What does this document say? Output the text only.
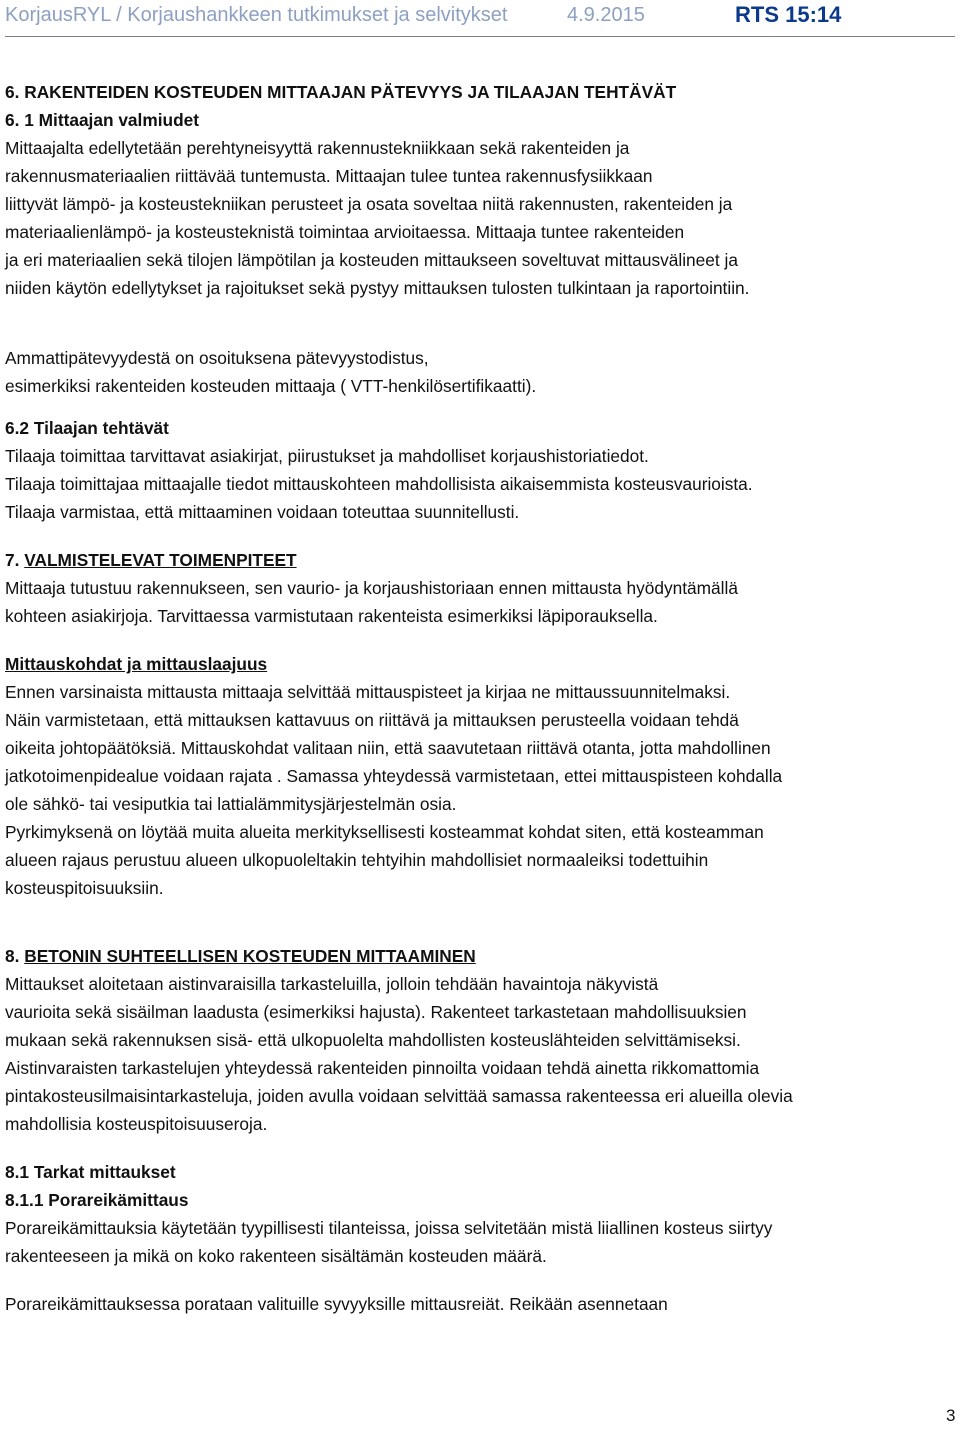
KorjausRYL / Korjaushankkeen tutkimukset ja selvitykset	4.9.2015	RTS 15:14

6. RAKENTEIDEN KOSTEUDEN MITTAAJAN PÄTEVYYS JA TILAAJAN TEHTÄVÄT

6. 1 Mittaajan valmiudet

Mittaajalta edellytetään perehtyneisyyttä rakennustekniikkaan sekä rakenteiden ja

rakennusmateriaalien riittävää tuntemusta. Mittaajan tulee tuntea rakennusfysiikkaan

liittyvät lämpö- ja kosteustekniikan perusteet ja osata soveltaa niitä rakennusten, rakenteiden ja

materiaalienlämpö- ja kosteusteknistä toimintaa arvioitaessa. Mittaaja tuntee rakenteiden

ja eri materiaalien sekä tilojen lämpötilan ja kosteuden mittaukseen soveltuvat mittausvälineet ja

niiden käytön edellytykset ja rajoitukset sekä pystyy mittauksen tulosten tulkintaan ja raportointiin.

Ammattipätevyydestä on osoituksena pätevyystodistus,

esimerkiksi rakenteiden kosteuden mittaaja ( VTT-henkilösertifikaatti).

6.2 Tilaajan tehtävät

Tilaaja toimittaa tarvittavat asiakirjat, piirustukset ja mahdolliset korjaushistoriatiedot.

Tilaaja toimittajaa mittaajalle tiedot mittauskohteen mahdollisista aikaisemmista kosteusvaurioista.

Tilaaja varmistaa, että mittaaminen voidaan toteuttaa suunnitellusti.

7. VALMISTELEVAT TOIMENPITEET

Mittaaja tutustuu rakennukseen, sen vaurio- ja korjaushistoriaan ennen mittausta hyödyntämällä

kohteen asiakirjoja. Tarvittaessa varmistutaan rakenteista esimerkiksi läpiporauksella.

Mittauskohdat ja mittauslaajuus

Ennen varsinaista mittausta mittaaja selvittää mittauspisteet ja kirjaa ne mittaussuunnitelmaksi.

Näin varmistetaan, että mittauksen kattavuus on riittävä ja mittauksen perusteella voidaan tehdä

oikeita johtopäätöksiä. Mittauskohdat valitaan niin, että saavutetaan riittävä otanta, jotta mahdollinen

jatkotoimenpidealue voidaan rajata . Samassa yhteydessä varmistetaan, ettei mittauspisteen kohdalla

ole sähkö- tai vesiputkia tai lattialämmitysjärjestelmän osia.

Pyrkimyksenä on löytää muita alueita merkityksellisesti kosteammat kohdat siten, että kosteamman

alueen rajaus perustuu alueen ulkopuoleltakin tehtyihin mahdollisiet normaaleiksi todettuihin

kosteuspitoisuuksiin.

8. BETONIN SUHTEELLISEN KOSTEUDEN MITTAAMINEN

Mittaukset aloitetaan aistinvaraisilla tarkasteluilla, jolloin tehdään havaintoja näkyvistä

vaurioita sekä sisäilman laadusta (esimerkiksi hajusta). Rakenteet tarkastetaan mahdollisuuksien

mukaan sekä rakennuksen sisä- että ulkopuolelta mahdollisten kosteuslähteiden selvittämiseksi.

Aistinvaraisten tarkastelujen yhteydessä rakenteiden pinnoilta voidaan tehdä ainetta rikkomattomia

pintakosteusilmaisintarkasteluja, joiden avulla voidaan selvittää samassa rakenteessa eri alueilla olevia

mahdollisia kosteuspitoisuuseroja.

8.1 Tarkat mittaukset

8.1.1 Porareikämittaus

Porareikämittauksia käytetään tyypillisesti tilanteissa, joissa selvitetään mistä liiallinen kosteus siirtyy

rakenteeseen ja mikä on koko rakenteen sisältämän kosteuden määrä.

Porareikämittauksessa porataan valituille syvyyksille mittausreiät. Reikään asennetaan

3
